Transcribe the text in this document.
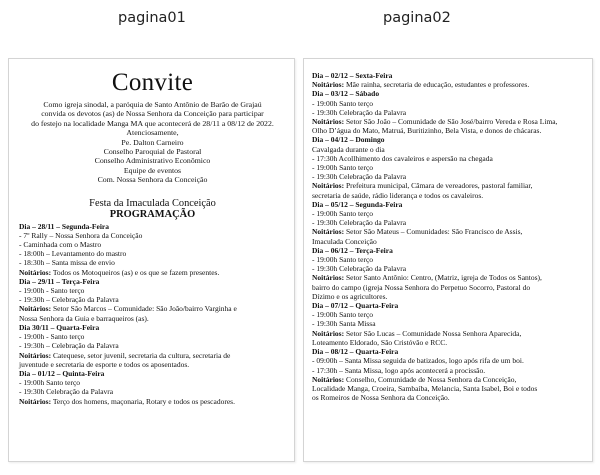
pagina01	pagina02
Convite
Como igreja sinodal, a paróquia de Santo Antônio de Barão de Grajaú
convida os devotos (as) de Nossa Senhora da Conceição para participar
do festejo na localidade Manga MA que acontecerá de 28/11 a 08/12 de 2022.
Atenciosamente,
Pe. Dalton Carneiro
Conselho Paroquial de Pastoral
Conselho Administrativo Econômico
Equipe de eventos
Com. Nossa Senhora da Conceição
Festa da Imaculada Conceição
PROGRAMAÇÃO
Dia – 28/11 – Segunda-Feira
- 7º Rally – Nossa Senhora da Conceição
- Caminhada com o Mastro
- 18:00h – Levantamento do mastro
- 18:30h – Santa missa de envio
Noitários: Todos os Motoqueiros (as) e os que se fazem presentes.
Dia – 29/11 – Terça-Feira
- 19:00h - Santo terço
- 19:30h – Celebração da Palavra
Noitários: Setor São Marcos – Comunidade: São João/bairro Varginha e
Nossa Senhora da Guia e barraqueiros (as).
Dia 30/11 – Quarta-Feira
- 19:00h - Santo terço
- 19:30h – Celebração da Palavra
Noitários: Catequese, setor juvenil, secretaria da cultura, secretaria de
juventude e secretaria de esporte e todos os aposentados.
Dia – 01/12 – Quinta-Feira
- 19:00h Santo terço
- 19:30h Celebração da Palavra
Noitários: Terço dos homens, maçonaria, Rotary e todos os pescadores.
Dia – 02/12 – Sexta-Feira
Noitários: Mãe rainha, secretaria de educação, estudantes e professores.
Dia – 03/12 – Sábado
- 19:00h Santo terço
- 19:30h Celebração da Palavra
Noitários: Setor São João – Comunidade de São José/bairro Vereda e Rosa Lima,
Olho D’água do Mato, Matruá, Buritizinho, Bela Vista, e donos de chácaras.
Dia – 04/12 – Domingo
Cavalgada durante o dia
- 17:30h Acollhimento dos cavaleiros e aspersão na chegada
- 19:00h Santo terço
- 19:30h Celebração da Palavra
Noitários: Prefeitura municipal, Câmara de vereadores, pastoral familiar,
secretaria de saúde, rádio liderança e todos os cavaleiros.
Dia – 05/12 – Segunda-Feira
- 19:00h Santo terço
- 19:30h Celebração da Palavra
Noitários: Setor São Mateus – Comunidades: São Francisco de Assis,
Imaculada Conceição
Dia – 06/12 – Terça-Feira
- 19:00h Santo terço
- 19:30h Celebração da Palavra
Noitários: Setor Santo Antônio: Centro, (Matriz, igreja de Todos os Santos),
bairro do campo (igreja Nossa Senhora do Perpetuo Socorro, Pastoral do
Dízimo e os agricultores.
Dia – 07/12 – Quarta-Feira
- 19:00h Santo terço
- 19:30h Santa Missa
Noitários: Setor São Lucas – Comunidade Nossa Senhora Aparecida,
Loteamento Eldorado, São Cristóvão e RCC.
Dia – 08/12 – Quarta-Feira
- 09:00h – Santa Missa seguida de batizados, logo após rifa de um boi.
- 17:30h – Santa Missa, logo após acontecerá a procissão.
Noitários: Conselho, Comunidade de Nossa Senhora da Conceição,
Localidade Manga, Croeira, Sambaíba, Melancia, Santa Isabel, Boi e todos
os Romeiros de Nossa Senhora da Conceição.
